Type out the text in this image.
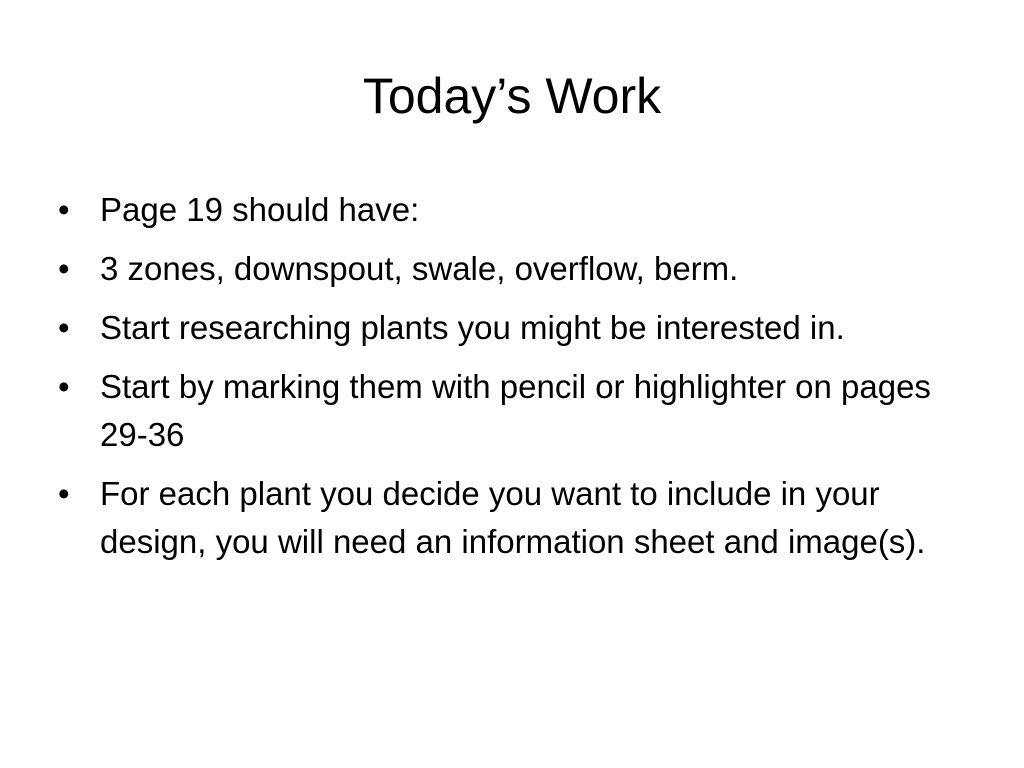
Today’s Work
• Page 19 should have:
• 3 zones, downspout, swale, overflow, berm.
• Start researching plants you might be interested in.
• Start by marking them with pencil or highlighter on pages 29-36
• For each plant you decide you want to include in your design, you will need an information sheet and image(s).
